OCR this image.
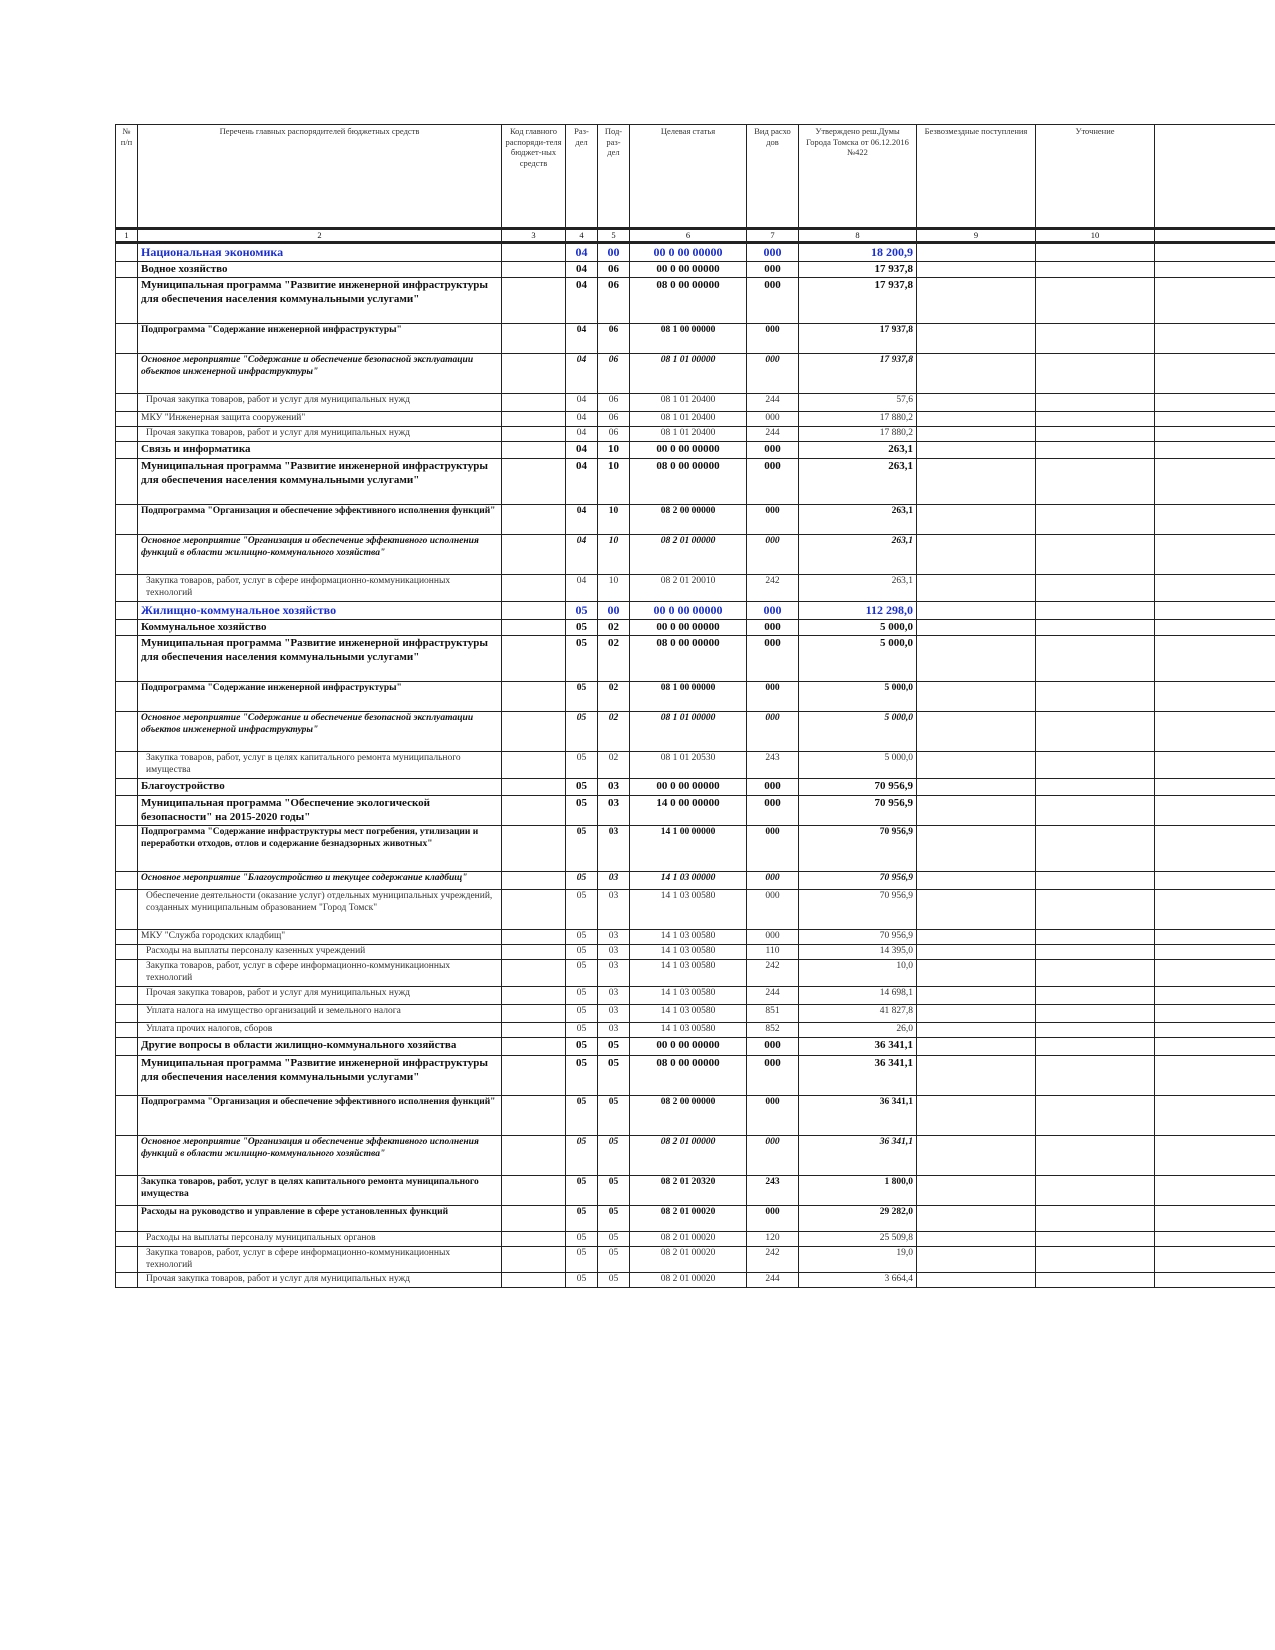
№ п/п	Перечень главных распорядителей бюджетных средств	Код главного распоряди-теля бюджет-ных средств	Раз-дел	Под-раз-дел	Целевая статья	Вид расхо дов	Утверждено реш.Думы Города Томска от 06.12.2016 №422	Безвозмездные поступления	Уточнение	
1	2	3	4	5	6	7	8	9	10	
	Национальная экономика		04	00	00 0 00 00000	000	18 200,9			
	Водное хозяйство		04	06	00 0 00 00000	000	17 937,8			
	Муниципальная программа "Развитие инженерной инфраструктуры для обеспечения населения коммунальными услугами"		04	06	08 0 00 00000	000	17 937,8			
	Подпрограмма "Содержание инженерной инфраструктуры"		04	06	08 1 00 00000	000	17 937,8			
	Основное мероприятие "Содержание и обеспечение безопасной эксплуатации объектов инженерной инфраструктуры"		04	06	08 1 01 00000	000	17 937,8			
	Прочая закупка товаров, работ и услуг для муниципальных нужд		04	06	08 1 01 20400	244	57,6			
	МКУ "Инженерная защита сооружений"		04	06	08 1 01 20400	000	17 880,2			
	Прочая закупка товаров, работ и услуг для муниципальных нужд		04	06	08 1 01 20400	244	17 880,2			
	Связь и информатика		04	10	00 0 00 00000	000	263,1			
	Муниципальная программа "Развитие инженерной инфраструктуры для обеспечения населения коммунальными услугами"		04	10	08 0 00 00000	000	263,1			
	Подпрограмма "Организация и обеспечение эффективного исполнения функций"		04	10	08 2 00 00000	000	263,1			
	Основное мероприятие "Организация и обеспечение эффективного исполнения функций в области жилищно-коммунального хозяйства"		04	10	08 2 01 00000	000	263,1			
	Закупка товаров, работ, услуг в сфере информационно-коммуникационных технологий		04	10	08 2 01 20010	242	263,1			
	Жилищно-коммунальное хозяйство		05	00	00 0 00 00000	000	112 298,0			
	Коммунальное хозяйство		05	02	00 0 00 00000	000	5 000,0			
	Муниципальная программа "Развитие инженерной инфраструктуры для обеспечения населения коммунальными услугами"		05	02	08 0 00 00000	000	5 000,0			
	Подпрограмма "Содержание инженерной инфраструктуры"		05	02	08 1 00 00000	000	5 000,0			
	Основное мероприятие "Содержание и обеспечение безопасной эксплуатации объектов инженерной инфраструктуры"		05	02	08 1 01 00000	000	5 000,0			
	Закупка товаров, работ, услуг в целях капитального ремонта муниципального имущества		05	02	08 1 01 20530	243	5 000,0			
	Благоустройство		05	03	00 0 00 00000	000	70 956,9			
	Муниципальная программа "Обеспечение экологической безопасности" на 2015-2020 годы"		05	03	14 0 00 00000	000	70 956,9			
	Подпрограмма "Содержание инфраструктуры мест погребения, утилизации и переработки отходов, отлов и содержание безнадзорных животных"		05	03	14 1 00 00000	000	70 956,9			
	Основное мероприятие "Благоустройство и текущее содержание кладбищ"		05	03	14 1 03 00000	000	70 956,9			
	Обеспечение деятельности (оказание услуг) отдельных муниципальных учреждений, созданных муниципальным образованием "Город Томск"		05	03	14 1 03 00580	000	70 956,9			
	МКУ "Служба городских кладбищ"		05	03	14 1 03 00580	000	70 956,9			
	Расходы на выплаты персоналу казенных учреждений		05	03	14 1 03 00580	110	14 395,0			
	Закупка товаров, работ, услуг в сфере информационно-коммуникационных технологий		05	03	14 1 03 00580	242	10,0			
	Прочая закупка товаров, работ и услуг для муниципальных нужд		05	03	14 1 03 00580	244	14 698,1			
	Уплата налога на имущество организаций и земельного налога		05	03	14 1 03 00580	851	41 827,8			
	Уплата прочих налогов, сборов		05	03	14 1 03 00580	852	26,0			
	Другие вопросы в области жилищно-коммунального хозяйства		05	05	00 0 00 00000	000	36 341,1			
	Муниципальная программа "Развитие инженерной инфраструктуры для обеспечения населения коммунальными услугами"		05	05	08 0 00 00000	000	36 341,1			
	Подпрограмма "Организация и обеспечение эффективного исполнения функций"		05	05	08 2 00 00000	000	36 341,1			
	Основное мероприятие "Организация и обеспечение эффективного исполнения функций в области жилищно-коммунального хозяйства"		05	05	08 2 01 00000	000	36 341,1			
	Закупка товаров, работ, услуг в целях капитального ремонта муниципального имущества		05	05	08 2 01 20320	243	1 800,0			
	Расходы на руководство и управление в сфере установленных функций		05	05	08 2 01 00020	000	29 282,0			
	Расходы на выплаты персоналу муниципальных органов		05	05	08 2 01 00020	120	25 509,8			
	Закупка товаров, работ, услуг в сфере информационно-коммуникационных технологий		05	05	08 2 01 00020	242	19,0			
	Прочая закупка товаров, работ и услуг для муниципальных нужд		05	05	08 2 01 00020	244	3 664,4			
